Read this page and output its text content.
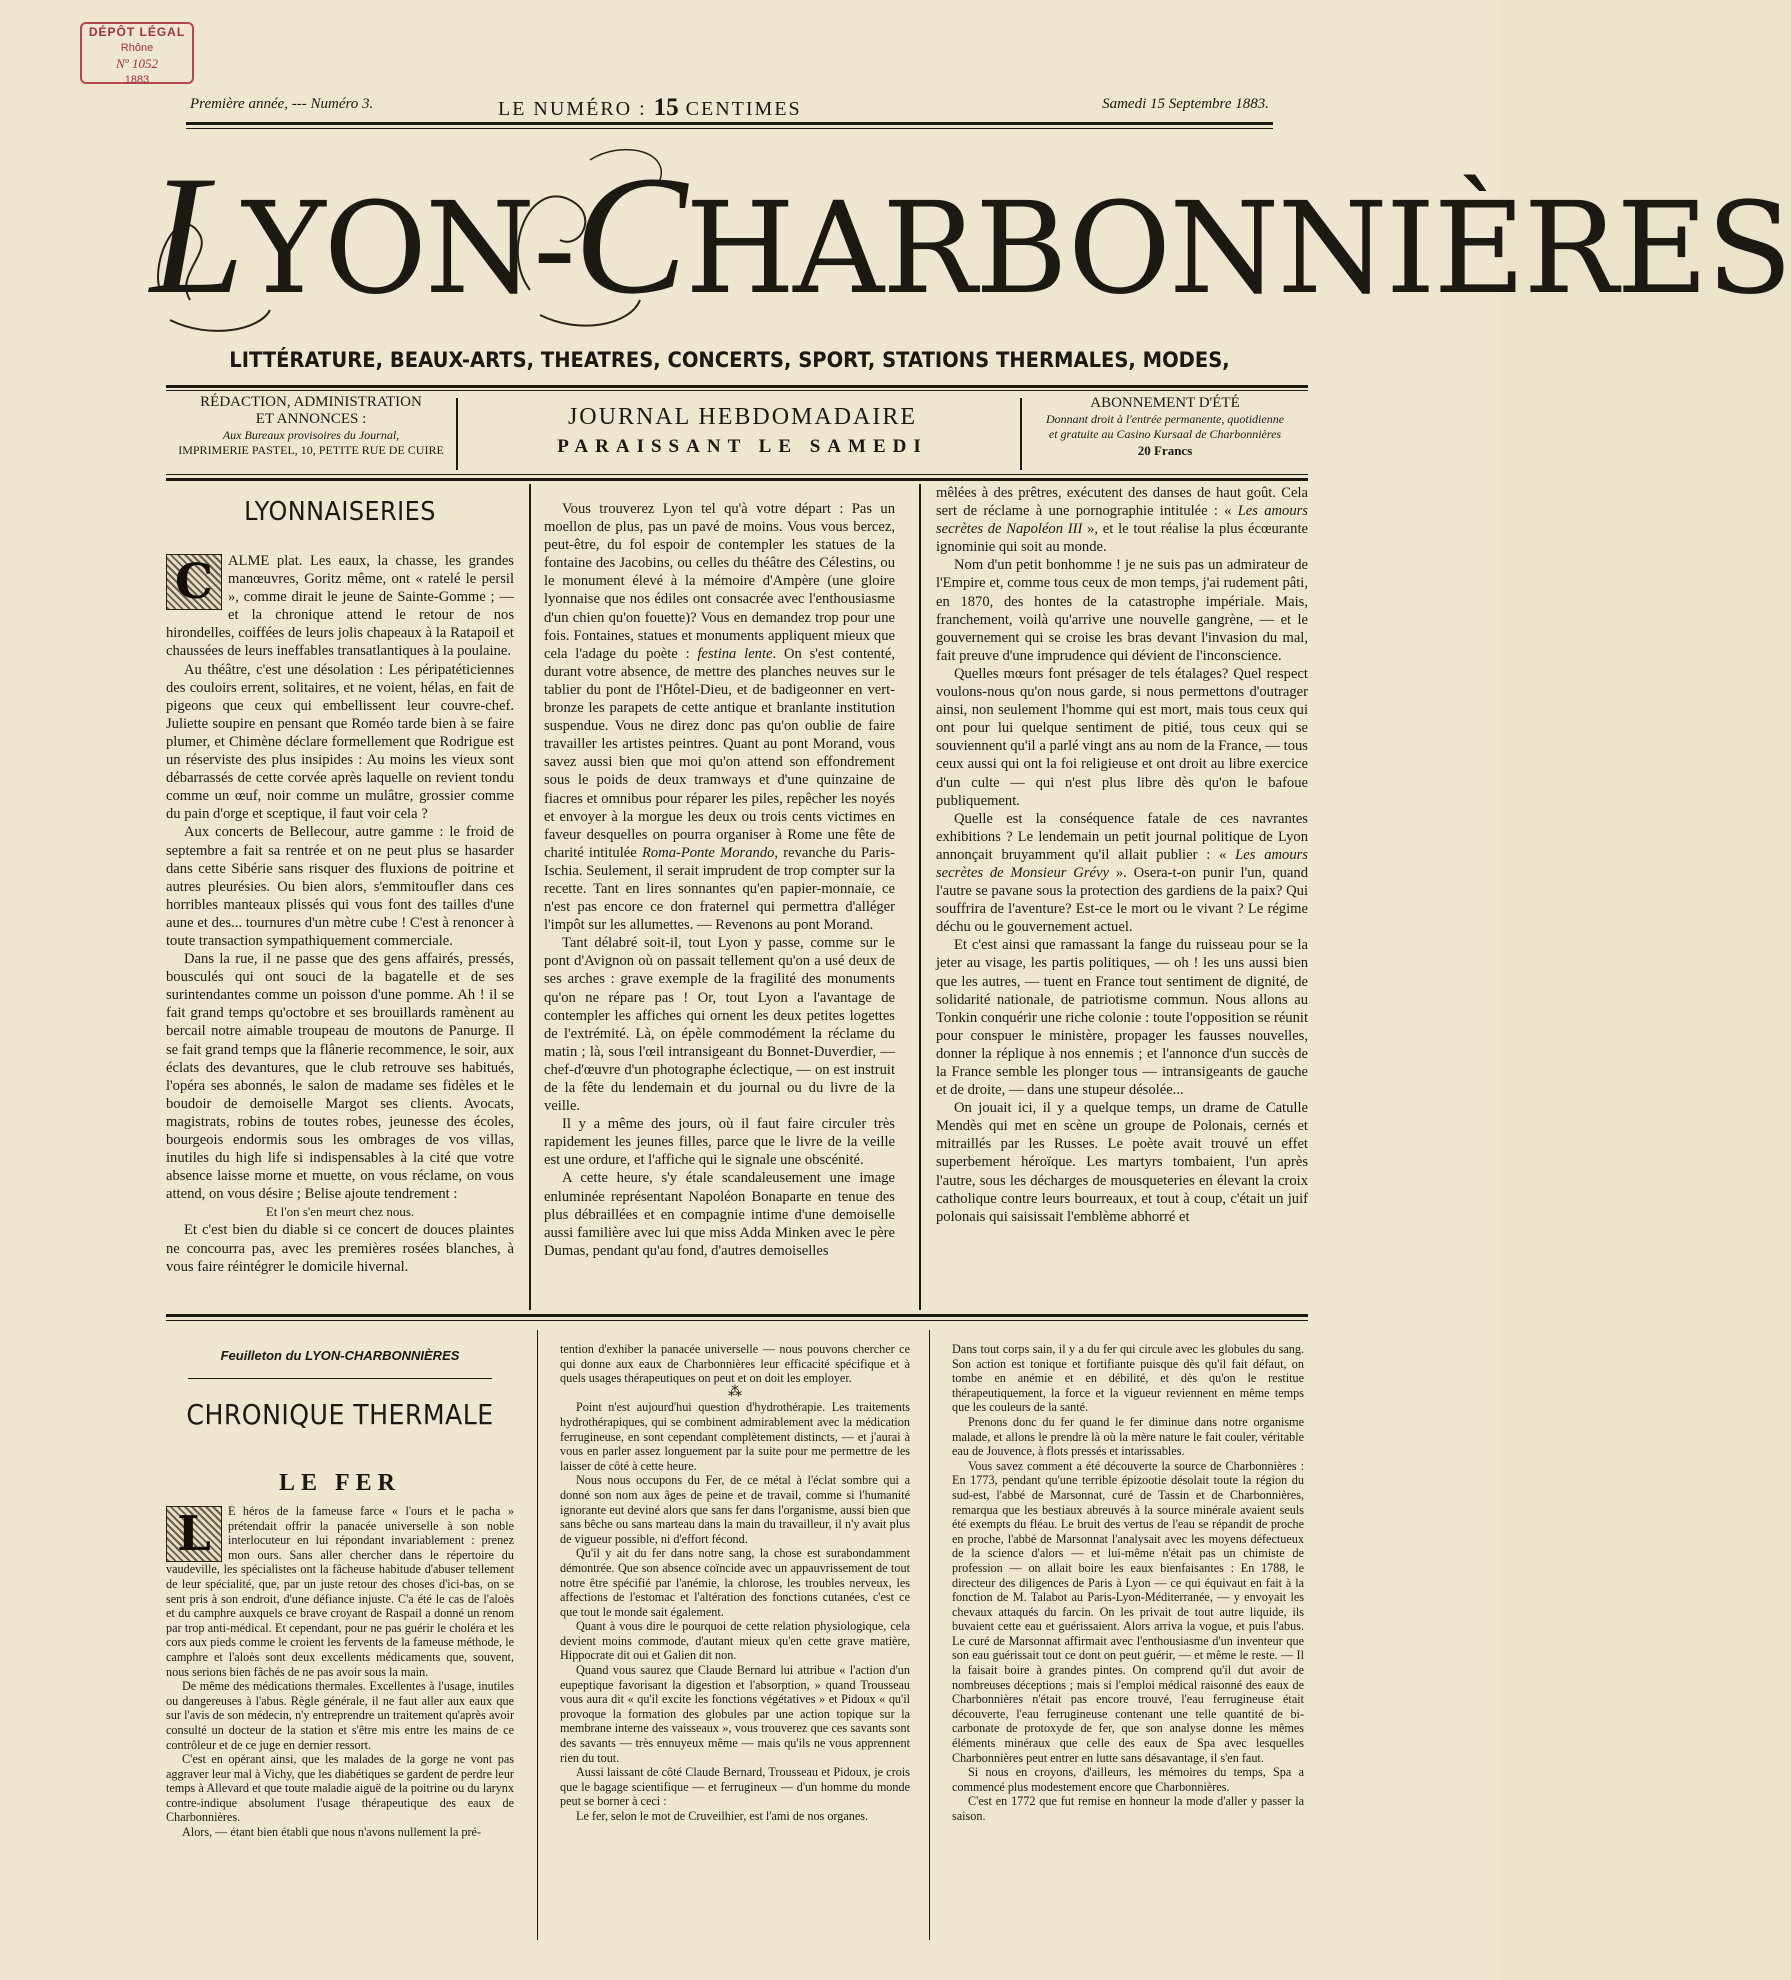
DÉPÔT LÉGAL
Rhône
Nº 1052
1883
Première année, --- Numéro 3.	LE NUMÉRO : 15 CENTIMES	Samedi 15 Septembre 1883.
LYON-CHARBONNIÈRES
LITTÉRATURE, BEAUX-ARTS, THEATRES, CONCERTS, SPORT, STATIONS THERMALES, MODES,
RÉDACTION, ADMINISTRATION
ET ANNONCES :
Aux Bureaux provisoires du Journal,
IMPRIMERIE PASTEL, 10, PETITE RUE DE CUIRE
JOURNAL HEBDOMADAIRE
PARAISSANT LE SAMEDI
ABONNEMENT D'ÉTÉ
Donnant droit à l'entrée permanente, quotidienne
et gratuite au Casino Kursaal de Charbonnières
20 Francs
LYONNAISERIES

C	ALME plat. Les eaux, la chasse, les grandes manœuvres, Goritz même, ont « ratelé le persil », comme dirait le jeune de Sainte-Gomme ; — et la chronique attend le retour de nos hirondelles, coiffées de leurs jolis chapeaux à la Ratapoil et chaussées de leurs ineffables transatlantiques à la poulaine.

Au théâtre, c'est une désolation : Les péripatéticiennes des couloirs errent, solitaires, et ne voient, hélas, en fait de pigeons que ceux qui embellissent leur couvre-chef. Juliette soupire en pensant que Roméo tarde bien à se faire plumer, et Chimène déclare formellement que Rodrigue est un réserviste des plus insipides : Au moins les vieux sont débarrassés de cette corvée après laquelle on revient tondu comme un œuf, noir comme un mulâtre, grossier comme du pain d'orge et sceptique, il faut voir cela ?

Aux concerts de Bellecour, autre gamme : le froid de septembre a fait sa rentrée et on ne peut plus se hasarder dans cette Sibérie sans risquer des fluxions de poitrine et autres pleurésies. Ou bien alors, s'emmitoufler dans ces horribles manteaux plissés qui vous font des tailles d'une aune et des... tournures d'un mètre cube ! C'est à renoncer à toute transaction sympathiquement commerciale.

Dans la rue, il ne passe que des gens affairés, pressés, bousculés qui ont souci de la bagatelle et de ses surintendantes comme un poisson d'une pomme. Ah ! il se fait grand temps qu'octobre et ses brouillards ramènent au bercail notre aimable troupeau de moutons de Panurge. Il se fait grand temps que la flânerie recommence, le soir, aux éclats des devantures, que le club retrouve ses habitués, l'opéra ses abonnés, le salon de madame ses fidèles et le boudoir de demoiselle Margot ses clients. Avocats, magistrats, robins de toutes robes, jeunesse des écoles, bourgeois endormis sous les ombrages de vos villas, inutiles du high life si indispensables à la cité que votre absence laisse morne et muette, on vous réclame, on vous attend, on vous désire ; Belise ajoute tendrement :

Et l'on s'en meurt chez nous.

Et c'est bien du diable si ce concert de douces plaintes ne concourra pas, avec les premières rosées blanches, à vous faire réintégrer le domicile hivernal.

Vous trouverez Lyon tel qu'à votre départ : Pas un moellon de plus, pas un pavé de moins. Vous vous bercez, peut-être, du fol espoir de contempler les statues de la fontaine des Jacobins, ou celles du théâtre des Célestins, ou le monument élevé à la mémoire d'Ampère (une gloire lyonnaise que nos édiles ont consacrée avec l'enthousiasme d'un chien qu'on fouette)? Vous en demandez trop pour une fois. Fontaines, statues et monuments appliquent mieux que cela l'adage du poète : festina lente. On s'est contenté, durant votre absence, de mettre des planches neuves sur le tablier du pont de l'Hôtel-Dieu, et de badigeonner en vert-bronze les parapets de cette antique et branlante institution suspendue. Vous ne direz donc pas qu'on oublie de faire travailler les artistes peintres. Quant au pont Morand, vous savez aussi bien que moi qu'on attend son effondrement sous le poids de deux tramways et d'une quinzaine de fiacres et omnibus pour réparer les piles, repêcher les noyés et envoyer à la morgue les deux ou trois cents victimes en faveur desquelles on pourra organiser à Rome une fête de charité intitulée Roma-Ponte Morando, revanche du Paris-Ischia. Seulement, il serait imprudent de trop compter sur la recette. Tant en lires sonnantes qu'en papier-monnaie, ce n'est pas encore ce don fraternel qui permettra d'alléger l'impôt sur les allumettes. — Revenons au pont Morand.

Tant délabré soit-il, tout Lyon y passe, comme sur le pont d'Avignon où on passait tellement qu'on a usé deux de ses arches : grave exemple de la fragilité des monuments qu'on ne répare pas ! Or, tout Lyon a l'avantage de contempler les affiches qui ornent les deux petites logettes de l'extrémité. Là, on épèle commodément la réclame du matin ; là, sous l'œil intransigeant du Bonnet-Duverdier, — chef-d'œuvre d'un photographe éclectique, — on est instruit de la fête du lendemain et du journal ou du livre de la veille.

Il y a même des jours, où il faut faire circuler très rapidement les jeunes filles, parce que le livre de la veille est une ordure, et l'affiche qui le signale une obscénité.

A cette heure, s'y étale scandaleusement une image enluminée représentant Napoléon Bonaparte en tenue des plus débraillées et en compagnie intime d'une demoiselle aussi familière avec lui que miss Adda Minken avec le père Dumas, pendant qu'au fond, d'autres demoiselles

mêlées à des prêtres, exécutent des danses de haut goût. Cela sert de réclame à une pornographie intitulée : « Les amours secrètes de Napoléon III », et le tout réalise la plus écœurante ignominie qui soit au monde.

Nom d'un petit bonhomme ! je ne suis pas un admirateur de l'Empire et, comme tous ceux de mon temps, j'ai rudement pâti, en 1870, des hontes de la catastrophe impériale. Mais, franchement, voilà qu'arrive une nouvelle gangrène, — et le gouvernement qui se croise les bras devant l'invasion du mal, fait preuve d'une imprudence qui dévient de l'inconscience.

Quelles mœurs font présager de tels étalages? Quel respect voulons-nous qu'on nous garde, si nous permettons d'outrager ainsi, non seulement l'homme qui est mort, mais tous ceux qui ont pour lui quelque sentiment de pitié, tous ceux qui se souviennent qu'il a parlé vingt ans au nom de la France, — tous ceux aussi qui ont la foi religieuse et ont droit au libre exercice d'un culte — qui n'est plus libre dès qu'on le bafoue publiquement.

Quelle est la conséquence fatale de ces navrantes exhibitions ? Le lendemain un petit journal politique de Lyon annonçait bruyamment qu'il allait publier : « Les amours secrètes de Monsieur Grévy ». Osera-t-on punir l'un, quand l'autre se pavane sous la protection des gardiens de la paix? Qui souffrira de l'aventure? Est-ce le mort ou le vivant ? Le régime déchu ou le gouvernement actuel.

Et c'est ainsi que ramassant la fange du ruisseau pour se la jeter au visage, les partis politiques, — oh ! les uns aussi bien que les autres, — tuent en France tout sentiment de dignité, de solidarité nationale, de patriotisme commun. Nous allons au Tonkin conquérir une riche colonie : toute l'opposition se réunit pour conspuer le ministère, propager les fausses nouvelles, donner la réplique à nos ennemis ; et l'annonce d'un succès de la France semble les plonger tous — intransigeants de gauche et de droite, — dans une stupeur désolée...

On jouait ici, il y a quelque temps, un drame de Catulle Mendès qui met en scène un groupe de Polonais, cernés et mitraillés par les Russes. Le poète avait trouvé un effet superbement héroïque. Les martyrs tombaient, l'un après l'autre, sous les décharges de mousqueteries en élevant la croix catholique contre leurs bourreaux, et tout à coup, c'était un juif polonais qui saisissait l'emblème abhorré et

Feuilleton du LYON-CHARBONNIÈRES
CHRONIQUE THERMALE
LE FER

L	E héros de la fameuse farce « l'ours et le pacha » prétendait offrir la panacée universelle à son noble interlocuteur en lui répondant invariablement : prenez mon ours. Sans aller chercher dans le répertoire du vaudeville, les spécialistes ont la fâcheuse habitude d'abuser tellement de leur spécialité, que, par un juste retour des choses d'ici-bas, on se sent pris à son endroit, d'une défiance injuste. C'a été le cas de l'aloès et du camphre auxquels ce brave croyant de Raspail a donné un renom par trop anti-médical. Et cependant, pour ne pas guérir le choléra et les cors aux pieds comme le croient les fervents de la fameuse méthode, le camphre et l'aloès sont deux excellents médicaments que, souvent, nous serions bien fâchés de ne pas avoir sous la main.

De même des médications thermales. Excellentes à l'usage, inutiles ou dangereuses à l'abus. Règle générale, il ne faut aller aux eaux que sur l'avis de son médecin, n'y entreprendre un traitement qu'après avoir consulté un docteur de la station et s'être mis entre les mains de ce contrôleur et de ce juge en dernier ressort.

C'est en opérant ainsi, que les malades de la gorge ne vont pas aggraver leur mal à Vichy, que les diabétiques se gardent de perdre leur temps à Allevard et que toute maladie aiguë de la poitrine ou du larynx contre-indique absolument l'usage thérapeutique des eaux de Charbonnières.

Alors, — étant bien établi que nous n'avons nullement la pré-

tention d'exhiber la panacée universelle — nous pouvons chercher ce qui donne aux eaux de Charbonnières leur efficacité spécifique et à quels usages thérapeutiques on peut et on doit les employer.

⁂

Point n'est aujourd'hui question d'hydrothérapie. Les traitements hydrothérapiques, qui se combinent admirablement avec la médication ferrugineuse, en sont cependant complètement distincts, — et j'aurai à vous en parler assez longuement par la suite pour me permettre de les laisser de côté à cette heure.

Nous nous occupons du Fer, de ce métal à l'éclat sombre qui a donné son nom aux âges de peine et de travail, comme si l'humanité ignorante eut deviné alors que sans fer dans l'organisme, aussi bien que sans bêche ou sans marteau dans la main du travailleur, il n'y avait plus de vigueur possible, ni d'effort fécond.

Qu'il y ait du fer dans notre sang, la chose est surabondamment démontrée. Que son absence coïncide avec un appauvrissement de tout notre être spécifié par l'anémie, la chlorose, les troubles nerveux, les affections de l'estomac et l'altération des fonctions cutanées, c'est ce que tout le monde sait également.

Quant à vous dire le pourquoi de cette relation physiologique, cela devient moins commode, d'autant mieux qu'en cette grave matière, Hippocrate dit oui et Galien dit non.

Quand vous saurez que Claude Bernard lui attribue « l'action d'un eupeptique favorisant la digestion et l'absorption, » quand Trousseau vous aura dit « qu'il excite les fonctions végétatives » et Pidoux « qu'il provoque la formation des globules par une action topique sur la membrane interne des vaisseaux », vous trouverez que ces savants sont des savants — très ennuyeux même — mais qu'ils ne vous apprennent rien du tout.

Aussi laissant de côté Claude Bernard, Trousseau et Pidoux, je crois que le bagage scientifique — et ferrugineux — d'un homme du monde peut se borner à ceci :

Le fer, selon le mot de Cruveilhier, est l'ami de nos organes.

Dans tout corps sain, il y a du fer qui circule avec les globules du sang. Son action est tonique et fortifiante puisque dès qu'il fait défaut, on tombe en anémie et en débilité, et dès qu'on le restitue thérapeutiquement, la force et la vigueur reviennent en même temps que les couleurs de la santé.

Prenons donc du fer quand le fer diminue dans notre organisme malade, et allons le prendre là où la mère nature le fait couler, véritable eau de Jouvence, à flots pressés et intarissables.

Vous savez comment a été découverte la source de Charbonnières : En 1773, pendant qu'une terrible épizootie désolait toute la région du sud-est, l'abbé de Marsonnat, curé de Tassin et de Charbonnières, remarqua que les bestiaux abreuvés à la source minérale avaient seuls été exempts du fléau. Le bruit des vertus de l'eau se répandit de proche en proche, l'abbé de Marsonnat l'analysait avec les moyens défectueux de la science d'alors — et lui-même n'était pas un chimiste de profession — on allait boire les eaux bienfaisantes : En 1788, le directeur des diligences de Paris à Lyon — ce qui équivaut en fait à la fonction de M. Talabot au Paris-Lyon-Méditerranée, — y envoyait les chevaux attaqués du farcin. On les privait de tout autre liquide, ils buvaient cette eau et guérissaient. Alors arriva la vogue, et puis l'abus. Le curé de Marsonnat affirmait avec l'enthousiasme d'un inventeur que son eau guérissait tout ce dont on peut guérir, — et même le reste. — Il la faisait boire à grandes pintes. On comprend qu'il dut avoir de nombreuses déceptions ; mais si l'emploi médical raisonné des eaux de Charbonnières n'était pas encore trouvé, l'eau ferrugineuse était découverte, l'eau ferrugineuse contenant une telle quantité de bi-carbonate de protoxyde de fer, que son analyse donne les mêmes éléments minéraux que celle des eaux de Spa avec lesquelles Charbonnières peut entrer en lutte sans désavantage, il s'en faut.

Si nous en croyons, d'ailleurs, les mémoires du temps, Spa a commencé plus modestement encore que Charbonnières.

C'est en 1772 que fut remise en honneur la mode d'aller y passer la saison.
